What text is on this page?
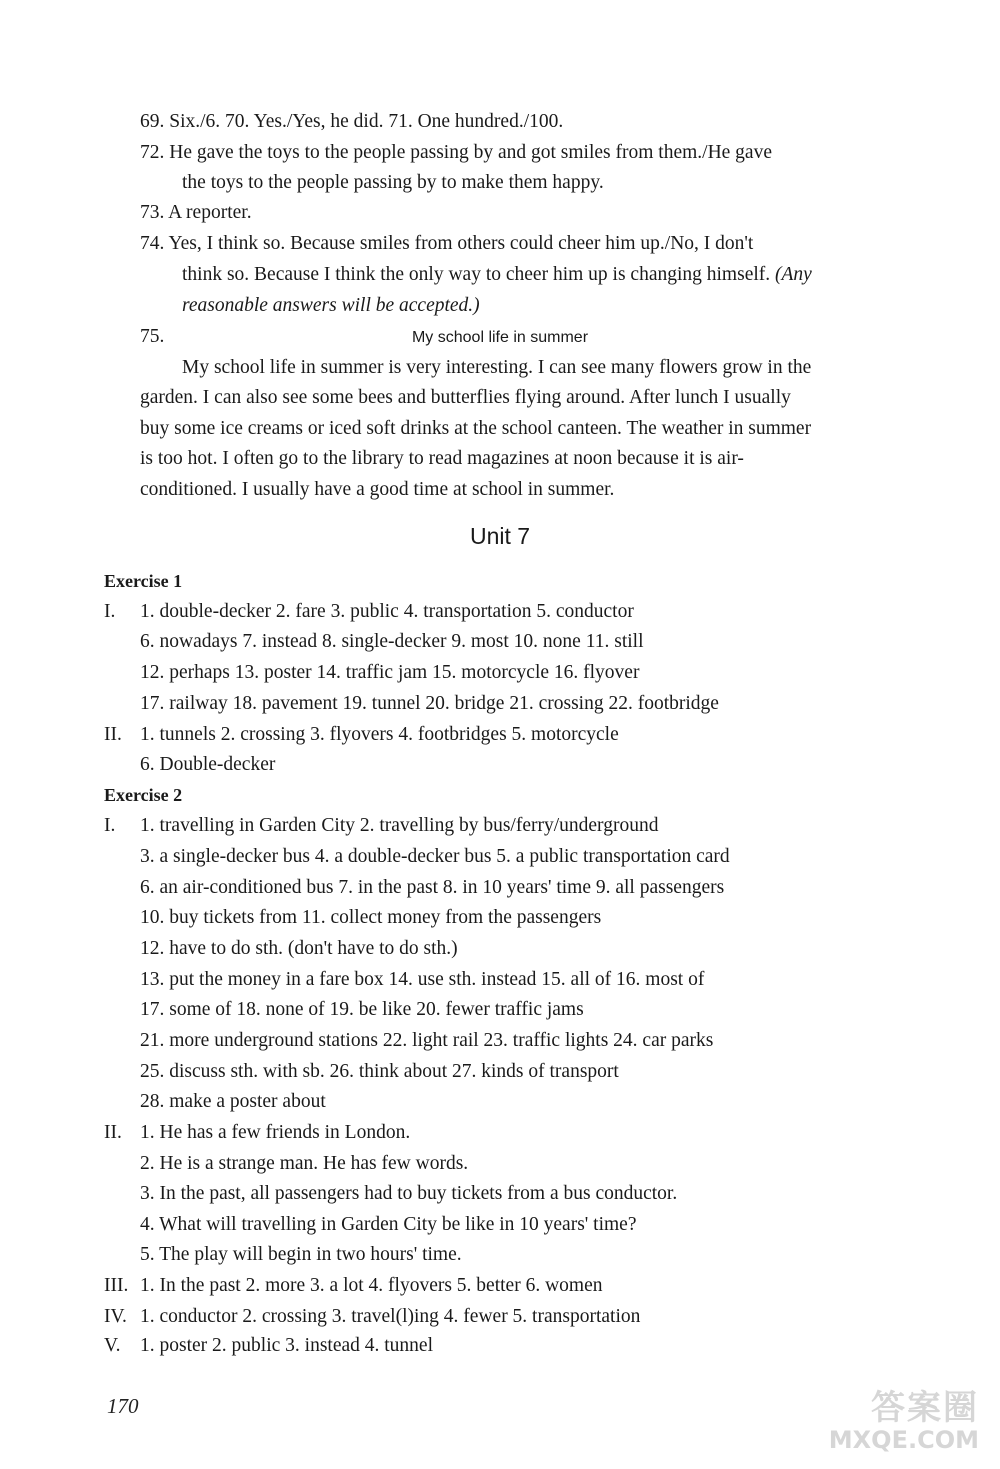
69. Six./6. 70. Yes./Yes, he did. 71. One hundred./100.
72. He gave the toys to the people passing by and got smiles from them./He gave
the toys to the people passing by to make them happy.
73. A reporter.
74. Yes, I think so. Because smiles from others could cheer him up./No, I don't
think so. Because I think the only way to cheer him up is changing himself. (Any
reasonable answers will be accepted.)
75.	My school life in summer
My school life in summer is very interesting. I can see many flowers grow in the
garden. I can also see some bees and butterflies flying around. After lunch I usually
buy some ice creams or iced soft drinks at the school canteen. The weather in summer
is too hot. I often go to the library to read magazines at noon because it is air-
conditioned. I usually have a good time at school in summer.
Unit 7
Exercise 1
I. 1. double-decker 2. fare 3. public 4. transportation 5. conductor
6. nowadays 7. instead 8. single-decker 9. most 10. none 11. still
12. perhaps 13. poster 14. traffic jam 15. motorcycle 16. flyover
17. railway 18. pavement 19. tunnel 20. bridge 21. crossing 22. footbridge
II. 1. tunnels 2. crossing 3. flyovers 4. footbridges 5. motorcycle
6. Double-decker
Exercise 2
I. 1. travelling in Garden City 2. travelling by bus/ferry/underground
3. a single-decker bus 4. a double-decker bus 5. a public transportation card
6. an air-conditioned bus 7. in the past 8. in 10 years' time 9. all passengers
10. buy tickets from 11. collect money from the passengers
12. have to do sth. (don't have to do sth.)
13. put the money in a fare box 14. use sth. instead 15. all of 16. most of
17. some of 18. none of 19. be like 20. fewer traffic jams
21. more underground stations 22. light rail 23. traffic lights 24. car parks
25. discuss sth. with sb. 26. think about 27. kinds of transport
28. make a poster about
II. 1. He has a few friends in London.
2. He is a strange man. He has few words.
3. In the past, all passengers had to buy tickets from a bus conductor.
4. What will travelling in Garden City be like in 10 years' time?
5. The play will begin in two hours' time.
III. 1. In the past 2. more 3. a lot 4. flyovers 5. better 6. women
IV. 1. conductor 2. crossing 3. travel(l)ing 4. fewer 5. transportation
V. 1. poster 2. public 3. instead 4. tunnel
170	答案圈
MXQE.COM
